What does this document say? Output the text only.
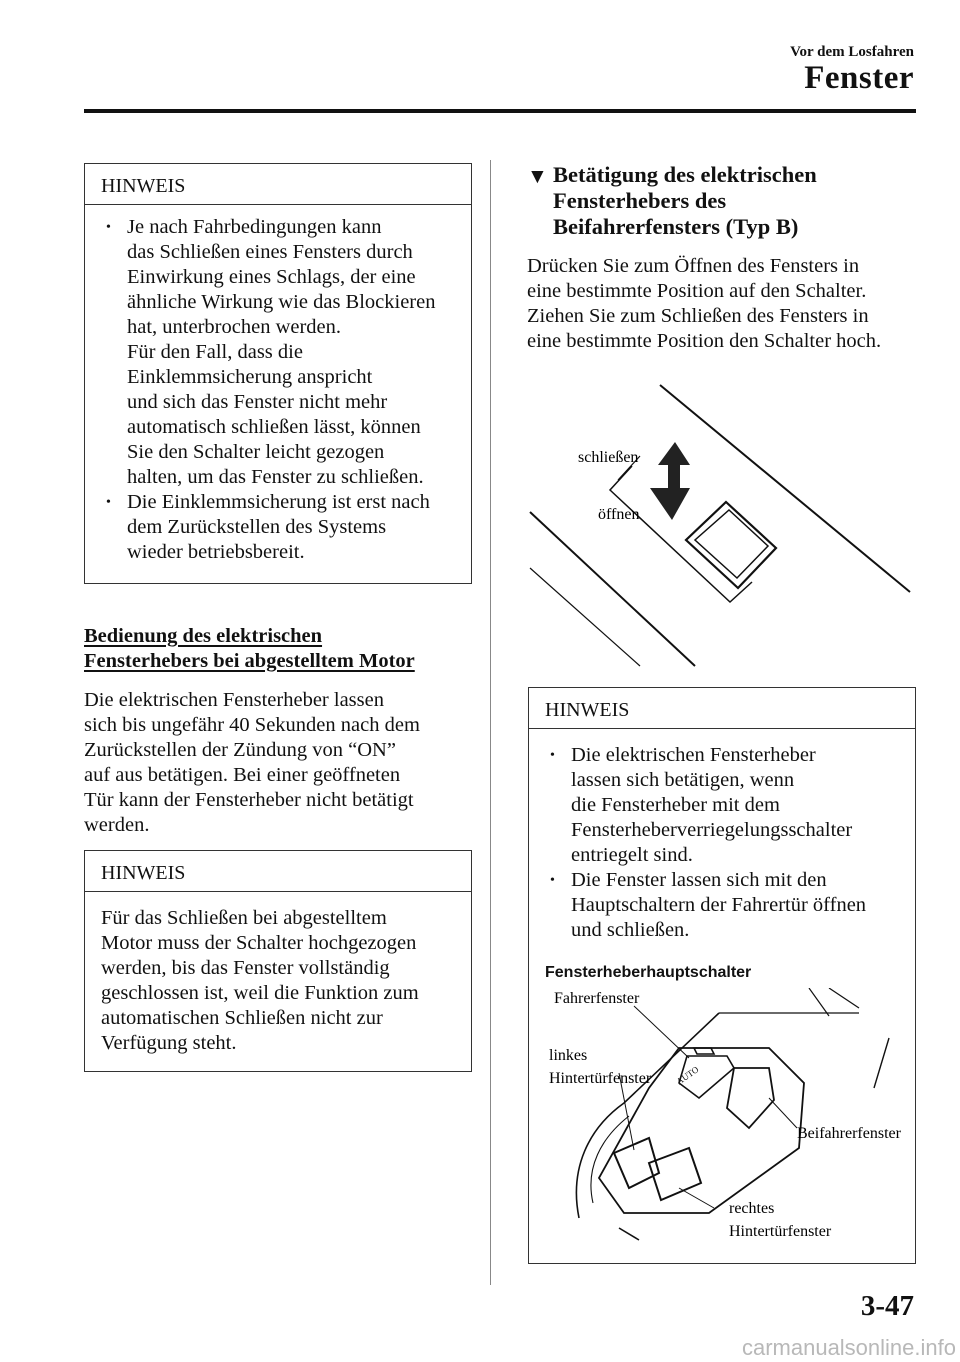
Vor dem Losfahren
Fenster
HINWEIS
• Je nach Fahrbedingungen kann
das Schließen eines Fensters durch
Einwirkung eines Schlags, der eine
ähnliche Wirkung wie das Blockieren
hat, unterbrochen werden.
Für den Fall, dass die
Einklemmsicherung anspricht
und sich das Fenster nicht mehr
automatisch schließen lässt, können
Sie den Schalter leicht gezogen
halten, um das Fenster zu schließen.
• Die Einklemmsicherung ist erst nach
dem Zurückstellen des Systems
wieder betriebsbereit.
Bedienung des elektrischen
Fensterhebers bei abgestelltem Motor
Die elektrischen Fensterheber lassen
sich bis ungefähr 40 Sekunden nach dem
Zurückstellen der Zündung von “ON”
auf aus betätigen. Bei einer geöffneten
Tür kann der Fensterheber nicht betätigt
werden.
HINWEIS
Für das Schließen bei abgestelltem
Motor muss der Schalter hochgezogen
werden, bis das Fenster vollständig
geschlossen ist, weil die Funktion zum
automatischen Schließen nicht zur
Verfügung steht.
▼ Betätigung des elektrischen
Fensterhebers des
Beifahrerfensters (Typ B)
Drücken Sie zum Öffnen des Fensters in
eine bestimmte Position auf den Schalter.
Ziehen Sie zum Schließen des Fensters in
eine bestimmte Position den Schalter hoch.
schließen
öffnen
HINWEIS
• Die elektrischen Fensterheber
lassen sich betätigen, wenn
die Fensterheber mit dem
Fensterheberverriegelungsschalter
entriegelt sind.
• Die Fenster lassen sich mit den
Hauptschaltern der Fahrertür öffnen
und schließen.
Fensterheberhauptschalter
AUTO
Fahrerfenster
linkes
Hintertürfenster
Beifahrerfenster
rechtes
Hintertürfenster
3-47
carmanualsonline.info
